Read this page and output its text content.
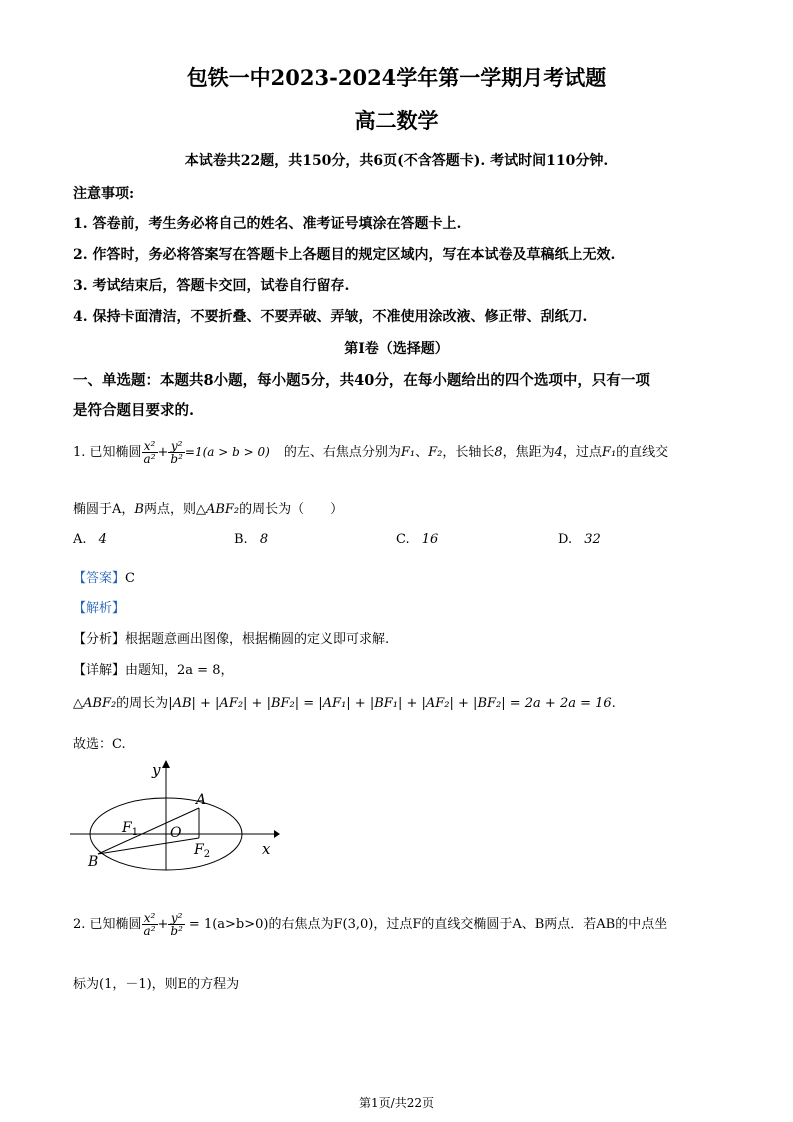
包铁一中2023-2024学年第一学期月考试题
高二数学
本试卷共22题，共150分，共6页(不含答题卡). 考试时间110分钟.
注意事项:
1. 答卷前，考生务必将自己的姓名、准考证号填涂在答题卡上.
2. 作答时，务必将答案写在答题卡上各题目的规定区域内，写在本试卷及草稿纸上无效.
3. 考试结束后，答题卡交回，试卷自行留存.
4. 保持卡面清洁，不要折叠、不要弄破、弄皱，不准使用涂改液、修正带、刮纸刀.
第I卷（选择题）
一、单选题：本题共8小题，每小题5分，共40分，在每小题给出的四个选项中，只有一项
是符合题目要求的.
1. 已知椭圆 $\frac{\text{x²}}{\text{a²}} + \frac{\text{y²}}{\text{b²}} =1(a > b > 0)$ 的左、右焦点分别为F₁、F₂，长轴长8，焦距为4，过点F₁的直线交
椭圆于A，B两点，则△ABF₂的周长为（　　）
A. 4	B. 8	C. 16	D. 32
【答案】C
【解析】
【分析】根据题意画出图像，根据椭圆的定义即可求解.
【详解】由题知，2a = 8，
△ABF₂的周长为|AB| + |AF₂| + |BF₂| = |AF₁| + |BF₁| + |AF₂| + |BF₂| = 2a + 2a = 16.
故选：C.
y
x
A
B
O
$F_1$
$F_2$
2. 已知椭圆 $\frac{\text{x²}}{\text{a²}} + \frac{\text{y²}}{\text{b²}} = 1(a>b>0)$的右焦点为F(3,0)，过点F的直线交椭圆于A、B两点．若AB的中点坐
标为(1，－1)，则E的方程为
第1页/共22页
